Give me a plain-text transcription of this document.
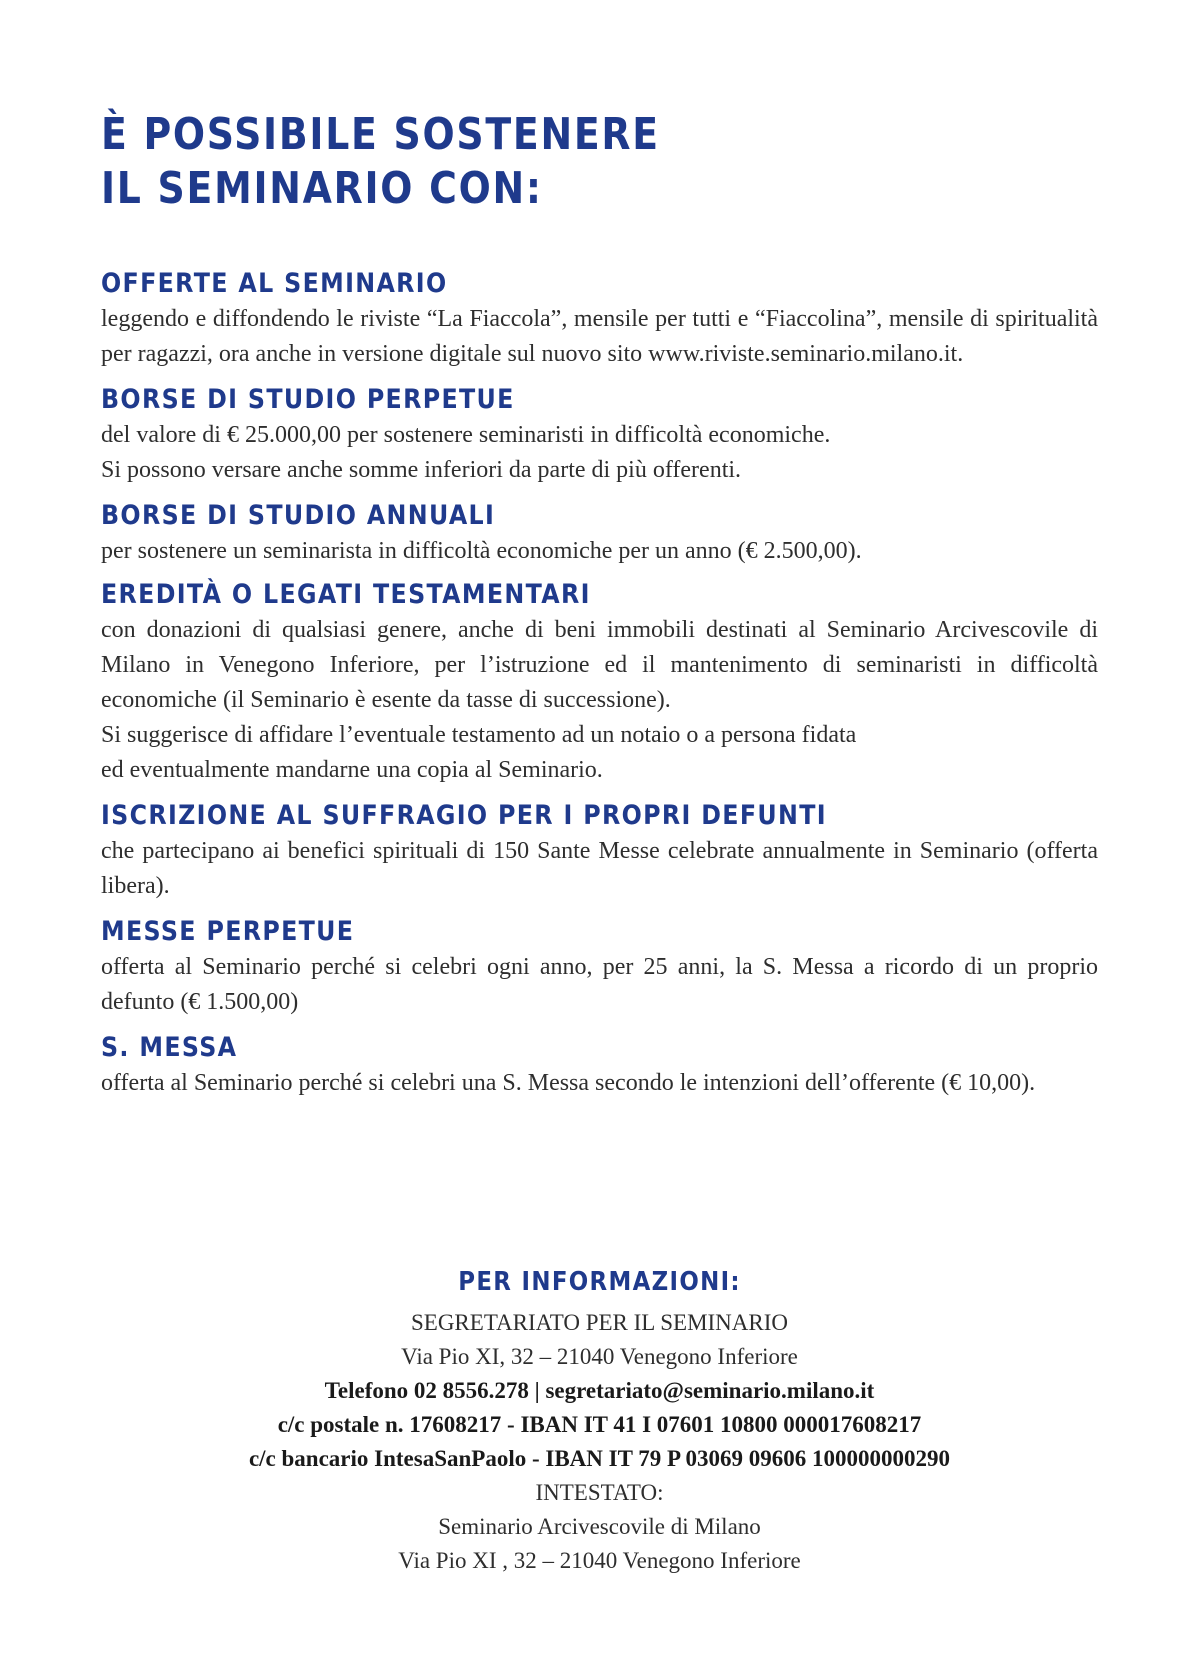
È POSSIBILE SOSTENERE
IL SEMINARIO CON:
OFFERTE AL SEMINARIO

leggendo e diffondendo le riviste “La Fiaccola”, mensile per tutti e “Fiaccolina”, mensile di spiritualità per ragazzi, ora anche in versione digitale sul nuovo sito www.riviste.seminario.milano.it.

BORSE DI STUDIO PERPETUE

del valore di € 25.000,00 per sostenere seminaristi in difficoltà economiche.

Si possono versare anche somme inferiori da parte di più offerenti.

BORSE DI STUDIO ANNUALI

per sostenere un seminarista in difficoltà economiche per un anno (€ 2.500,00).

EREDITÀ O LEGATI TESTAMENTARI

con donazioni di qualsiasi genere, anche di beni immobili destinati al Seminario Arcivescovile di Milano in Venegono Inferiore, per l’istruzione ed il mantenimento di seminaristi in difficoltà economiche (il Seminario è esente da tasse di successione).

Si suggerisce di affidare l’eventuale testamento ad un notaio o a persona fidata

ed eventualmente mandarne una copia al Seminario.

ISCRIZIONE AL SUFFRAGIO PER I PROPRI DEFUNTI

che partecipano ai benefici spirituali di 150 Sante Messe celebrate annualmente in Seminario (offerta libera).

MESSE PERPETUE

offerta al Seminario perché si celebri ogni anno, per 25 anni, la S. Messa a ricordo di un proprio defunto (€ 1.500,00)

S. MESSA

offerta al Seminario perché si celebri una S. Messa secondo le intenzioni dell’offerente (€ 10,00).

PER INFORMAZIONI:
SEGRETARIATO PER IL SEMINARIO
Via Pio XI, 32 – 21040 Venegono Inferiore
Telefono 02 8556.278 | segretariato@seminario.milano.it
c/c postale n. 17608217 - IBAN IT 41 I 07601 10800 000017608217
c/c bancario IntesaSanPaolo - IBAN IT 79 P 03069 09606 100000000290
INTESTATO:
Seminario Arcivescovile di Milano
Via Pio XI , 32 – 21040 Venegono Inferiore
